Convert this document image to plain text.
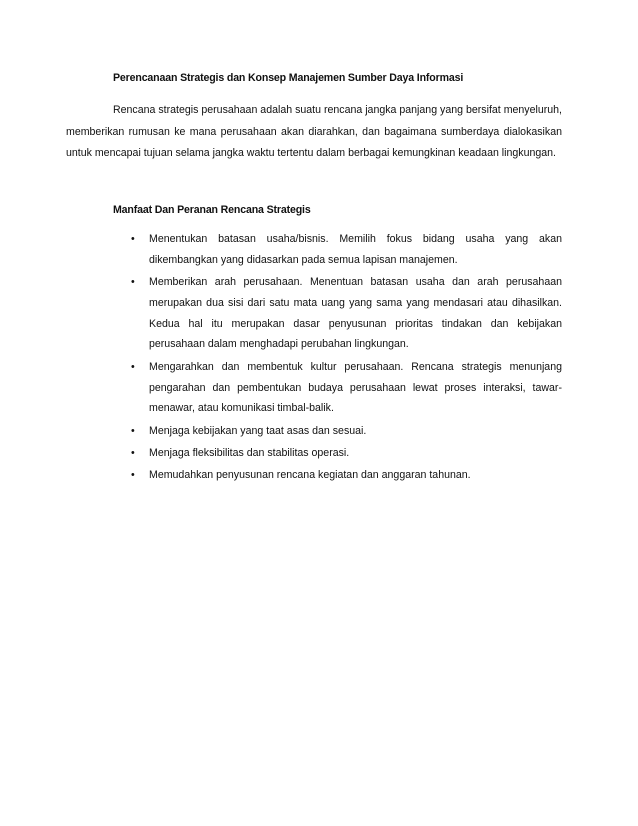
Perencanaan Strategis dan Konsep Manajemen Sumber Daya Informasi

Rencana strategis perusahaan adalah suatu rencana jangka panjang yang bersifat menyeluruh, memberikan rumusan ke mana perusahaan akan diarahkan, dan bagaimana sumberdaya dialokasikan untuk mencapai tujuan selama jangka waktu tertentu dalam berbagai kemungkinan keadaan lingkungan.

Manfaat Dan Peranan Rencana Strategis
• Menentukan batasan usaha/bisnis. Memilih fokus bidang usaha yang akan dikembangkan yang didasarkan pada semua lapisan manajemen.
• Memberikan arah perusahaan. Menentuan batasan usaha dan arah perusahaan merupakan dua sisi dari satu mata uang yang sama yang mendasari atau dihasilkan. Kedua hal itu merupakan dasar penyusunan prioritas tindakan dan kebijakan perusahaan dalam menghadapi perubahan lingkungan.
• Mengarahkan dan membentuk kultur perusahaan. Rencana strategis menunjang pengarahan dan pembentukan budaya perusahaan lewat proses interaksi, tawar-menawar, atau komunikasi timbal-balik.
• Menjaga kebijakan yang taat asas dan sesuai.
• Menjaga fleksibilitas dan stabilitas operasi.
• Memudahkan penyusunan rencana kegiatan dan anggaran tahunan.
